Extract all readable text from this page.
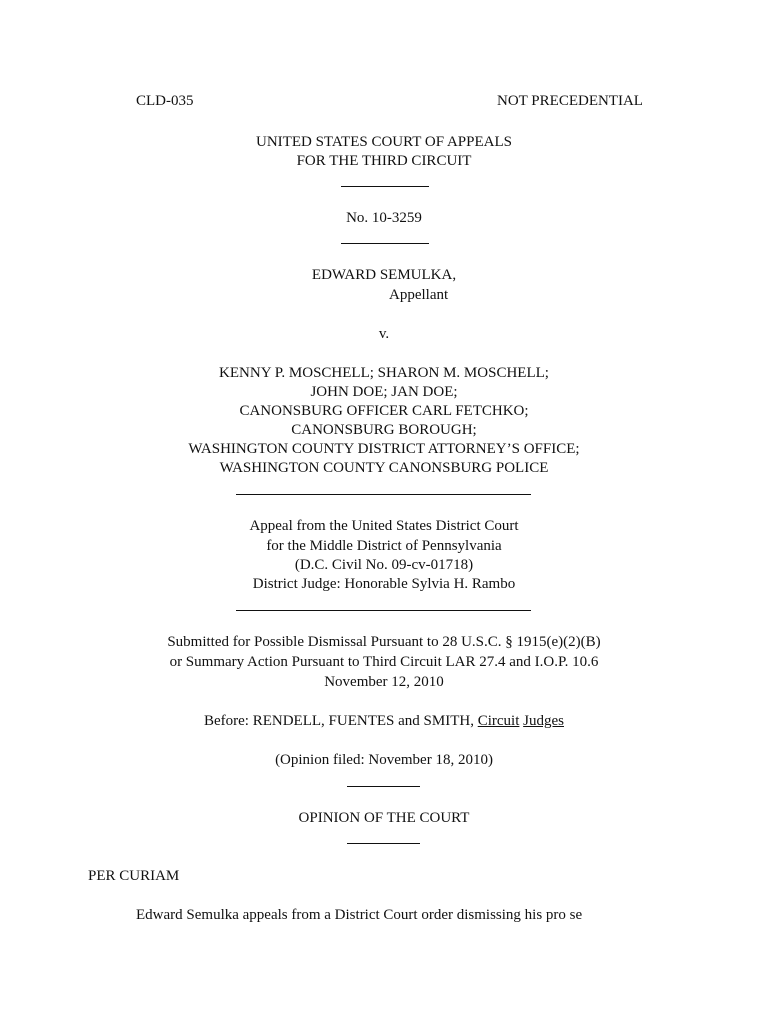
CLD-035	NOT PRECEDENTIAL
UNITED STATES COURT OF APPEALS
FOR THE THIRD CIRCUIT
No. 10-3259
EDWARD SEMULKA,
Appellant
v.
KENNY P. MOSCHELL; SHARON M. MOSCHELL;
JOHN DOE; JAN DOE;
CANONSBURG OFFICER CARL FETCHKO;
CANONSBURG BOROUGH;
WASHINGTON COUNTY DISTRICT ATTORNEY’S OFFICE;
WASHINGTON COUNTY CANONSBURG POLICE
Appeal from the United States District Court
for the Middle District of Pennsylvania
(D.C. Civil No. 09-cv-01718)
District Judge: Honorable Sylvia H. Rambo
Submitted for Possible Dismissal Pursuant to 28 U.S.C. § 1915(e)(2)(B)
or Summary Action Pursuant to Third Circuit LAR 27.4 and I.O.P. 10.6
November 12, 2010
Before: RENDELL, FUENTES and SMITH, Circuit Judges
(Opinion filed: November 18, 2010)
OPINION OF THE COURT
PER CURIAM
Edward Semulka appeals from a District Court order dismissing his pro se
